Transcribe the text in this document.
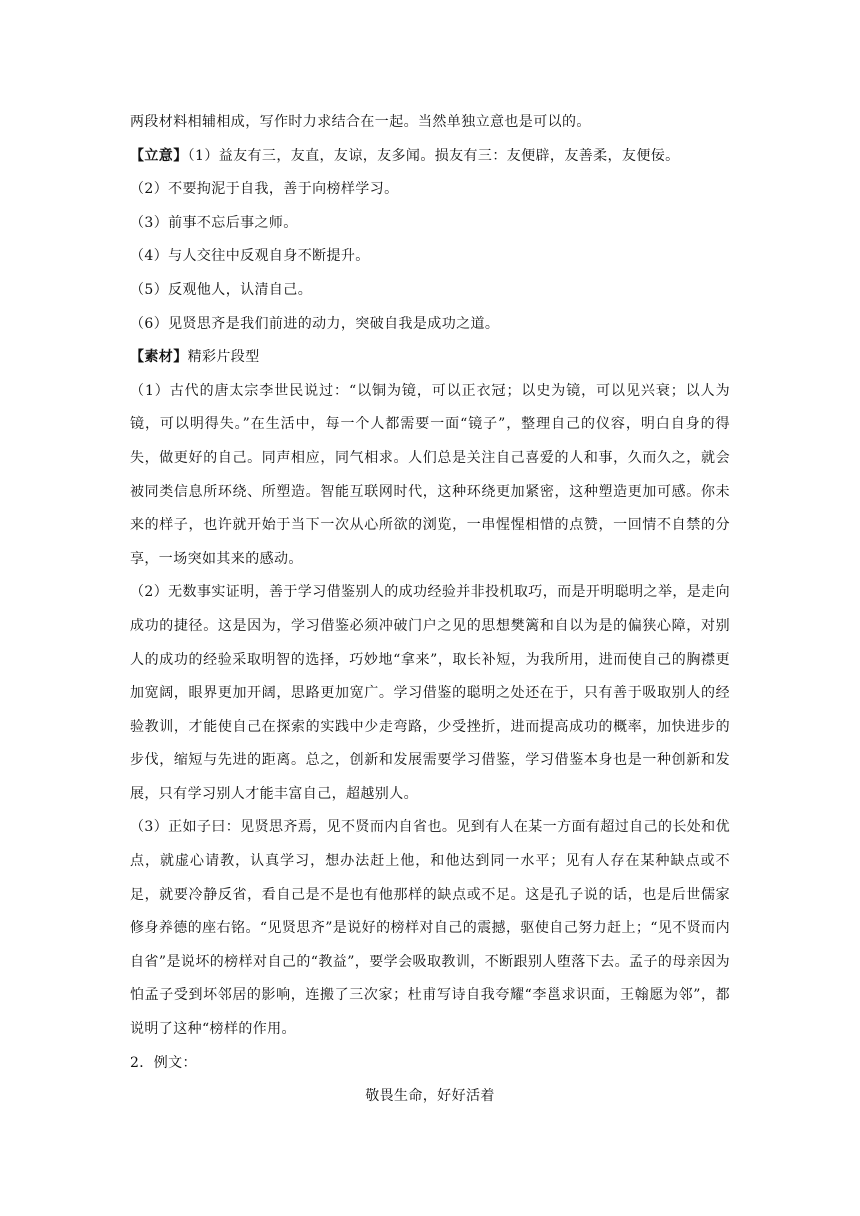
两段材料相辅相成，写作时力求结合在一起。当然单独立意也是可以的。

【立意】（1）益友有三，友直，友谅，友多闻。损友有三：友便辟，友善柔，友便佞。

（2）不要拘泥于自我，善于向榜样学习。

（3）前事不忘后事之师。

（4）与人交往中反观自身不断提升。

（5）反观他人，认清自己。

（6）见贤思齐是我们前进的动力，突破自我是成功之道。

【素材】精彩片段型

（1）古代的唐太宗李世民说过：“以铜为镜，可以正衣冠；以史为镜，可以见兴衰；以人为镜，可以明得失。”在生活中，每一个人都需要一面“镜子”，整理自己的仪容，明白自身的得失，做更好的自己。同声相应，同气相求。人们总是关注自己喜爱的人和事，久而久之，就会被同类信息所环绕、所塑造。智能互联网时代，这种环绕更加紧密，这种塑造更加可感。你未来的样子，也许就开始于当下一次从心所欲的浏览，一串惺惺相惜的点赞，一回情不自禁的分享，一场突如其来的感动。

（2）无数事实证明，善于学习借鉴别人的成功经验并非投机取巧，而是开明聪明之举，是走向成功的捷径。这是因为，学习借鉴必须冲破门户之见的思想樊篱和自以为是的偏狭心障，对别人的成功的经验采取明智的选择，巧妙地“拿来”，取长补短，为我所用，进而使自己的胸襟更加宽阔，眼界更加开阔，思路更加宽广。学习借鉴的聪明之处还在于，只有善于吸取别人的经验教训，才能使自己在探索的实践中少走弯路，少受挫折，进而提高成功的概率，加快进步的步伐，缩短与先进的距离。总之，创新和发展需要学习借鉴，学习借鉴本身也是一种创新和发展，只有学习别人才能丰富自己，超越别人。

（3）正如子曰：见贤思齐焉，见不贤而内自省也。见到有人在某一方面有超过自己的长处和优点，就虚心请教，认真学习，想办法赶上他，和他达到同一水平；见有人存在某种缺点或不足，就要冷静反省，看自己是不是也有他那样的缺点或不足。这是孔子说的话，也是后世儒家修身养德的座右铭。“见贤思齐”是说好的榜样对自己的震撼，驱使自己努力赶上；“见不贤而内自省”是说坏的榜样对自己的“教益”，要学会吸取教训，不断跟别人堕落下去。孟子的母亲因为怕孟子受到坏邻居的影响，连搬了三次家；杜甫写诗自我夸耀“李邕求识面，王翰愿为邻”，都说明了这种“榜样的作用。

2．例文：

敬畏生命，好好活着
